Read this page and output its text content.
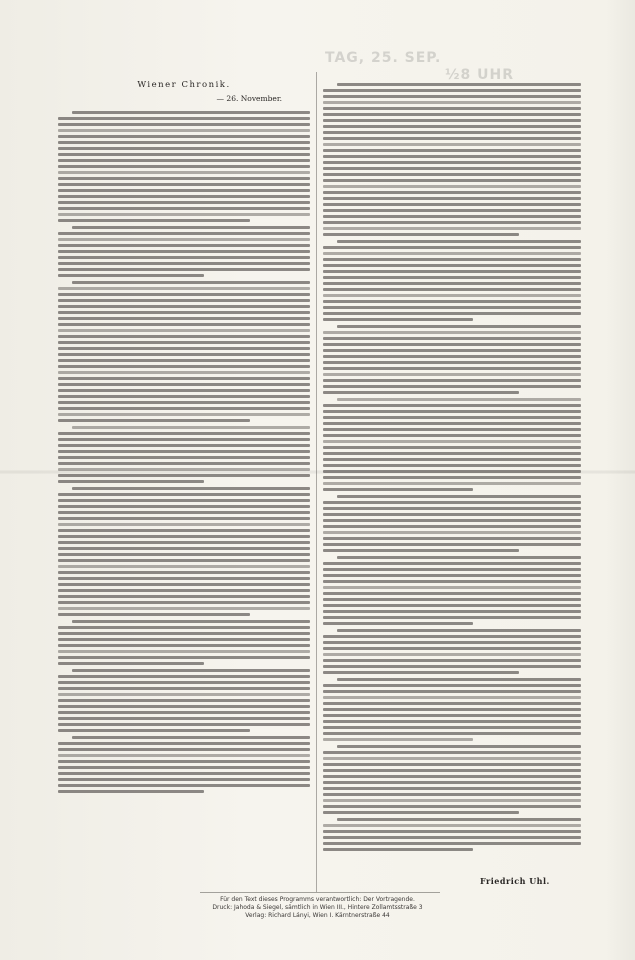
TAG, 25. SEP.
½8 UHR
Wiener Chronik.
— 26. November.
Friedrich Uhl.
Für den Text dieses Programms verantwortlich: Der Vortragende.
Druck: Jahoda & Siegel, sämtlich in Wien III., Hintere Zollamtsstraße 3
Verlag: Richard Lányi, Wien I. Kärntnerstraße 44
